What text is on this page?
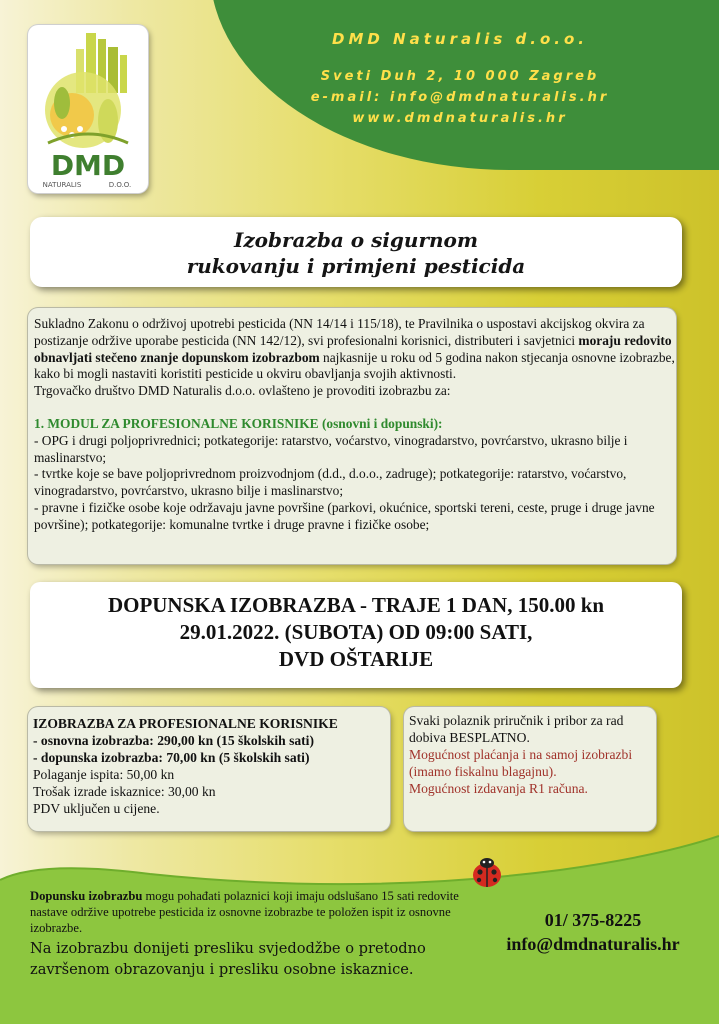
DMD Naturalis d.o.o.
Sveti Duh 2, 10 000 Zagreb
e-mail: info@dmdnaturalis.hr
www.dmdnaturalis.hr
DMD
NATURALIS	D.O.O.
Izobrazba o sigurnom
rukovanju i primjeni pesticida

Sukladno Zakonu o održivoj upotrebi pesticida (NN 14/14 i 115/18), te Pravilnika o uspostavi akcijskog okvira za postizanje održive uporabe pesticida (NN 142/12), svi profesionalni korisnici, distributeri i savjetnici moraju redovito obnavljati stečeno znanje dopunskom izobrazbom najkasnije u roku od 5 godina nakon stjecanja osnovne izobrazbe, kako bi mogli nastaviti koristiti pesticide u okviru obavljanja svojih aktivnosti.

Trgovačko društvo DMD Naturalis d.o.o. ovlašteno je provoditi izobrazbu za:

1. MODUL ZA PROFESIONALNE KORISNIKE (osnovni i dopunski):

- OPG i drugi poljoprivrednici; potkategorije: ratarstvo, voćarstvo, vinogradarstvo, povrćarstvo, ukrasno bilje i maslinarstvo;

- tvrtke koje se bave poljoprivrednom proizvodnjom (d.d., d.o.o., zadruge); potkategorije: ratarstvo, voćarstvo, vinogradarstvo, povrćarstvo, ukrasno bilje i maslinarstvo;

- pravne i fizičke osobe koje održavaju javne površine (parkovi, okućnice, sportski tereni, ceste, pruge i druge javne površine); potkategorije: komunalne tvrtke i druge pravne i fizičke osobe;

DOPUNSKA IZOBRAZBA - TRAJE 1 DAN, 150.00 kn
29.01.2022. (SUBOTA) OD 09:00 SATI,
DVD OŠTARIJE
IZOBRAZBA ZA PROFESIONALNE KORISNIKE
- osnovna izobrazba: 290,00 kn (15 školskih sati)
- dopunska izobrazba: 70,00 kn (5 školskih sati)
Polaganje ispita: 50,00 kn
Trošak izrade iskaznice: 30,00 kn
PDV uključen u cijene.
Svaki polaznik priručnik i pribor za rad dobiva BESPLATNO.
Mogućnost plaćanja i na samoj izobrazbi (imamo fiskalnu blagajnu).
Mogućnost izdavanja R1 računa.
Dopunsku izobrazbu mogu pohađati polaznici koji imaju odslušano 15 sati redovite nastave održive upotrebe pesticida iz osnovne izobrazbe te položen ispit iz osnovne izobrazbe.
Na izobrazbu donijeti presliku svjedodžbe o pretodno završenom obrazovanju i presliku osobne iskaznice.
01/ 375-8225
info@dmdnaturalis.hr
